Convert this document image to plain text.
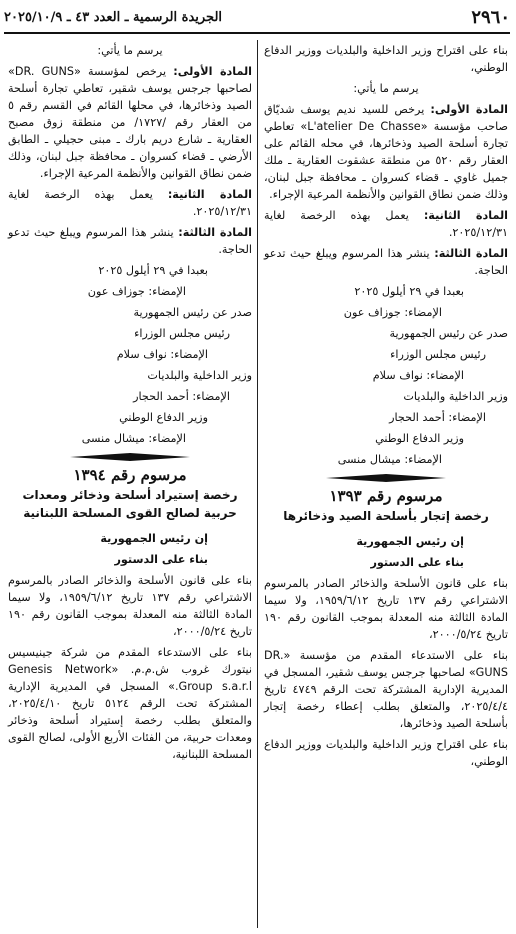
٢٩٦٠
الجريدة الرسمية ـ العدد ٤٣ ـ ٢٠٢٥/١٠/٩

بناء على اقتراح وزير الداخلية والبلديات ووزير الدفاع الوطني،

يرسم ما يأتي:

المادة الأولى: يرخص للسيد نديم يوسف شديّاق صاحب مؤسسة «L'atelier De Chasse» تعاطي تجارة أسلحة الصيد وذخائرها، في محله القائم على العقار رقم ٥٢٠ من منطقة عشقوت العقارية ـ ملك جميل غاوي ـ قضاء كسروان ـ محافظة جبل لبنان، وذلك ضمن نطاق القوانين والأنظمة المرعية الإجراء.

المادة الثانية: يعمل بهذه الرخصة لغاية ٢٠٢٥/١٢/٣١.

المادة الثالثة: ينشر هذا المرسوم ويبلغ حيث تدعو الحاجة.

بعبدا في ٢٩ أيلول ٢٠٢٥

الإمضاء: جوزاف عون

صدر عن رئيس الجمهورية

رئيس مجلس الوزراء

الإمضاء: نواف سلام

وزير الداخلية والبلديات

الإمضاء: أحمد الحجار

وزير الدفاع الوطني

الإمضاء: ميشال منسى

مرسوم رقم ١٣٩٣
رخصة إتجار بأسلحة الصيد وذخائرها

إن رئيس الجمهورية

بناء على الدستور

بناء على قانون الأسلحة والذخائر الصادر بالمرسوم الاشتراعي رقم ١٣٧ تاريخ ١٩٥٩/٦/١٢، ولا سيما المادة الثالثة منه المعدلة بموجب القانون رقم ١٩٠ تاريخ ٢٠٠٠/٥/٢٤،

بناء على الاستدعاء المقدم من مؤسسة «DR. GUNS» لصاحبها جرجس يوسف شقير، المسجل في المديرية الإدارية المشتركة تحت الرقم ٤٧٤٩ تاريخ ٢٠٢٥/٤/٤، والمتعلق بطلب إعطاء رخصة إتجار بأسلحة الصيد وذخائرها،

بناء على اقتراح وزير الداخلية والبلديات ووزير الدفاع الوطني،

يرسم ما يأتي:

المادة الأولى: يرخص لمؤسسة «DR. GUNS» لصاحبها جرجس يوسف شقير، تعاطي تجارة أسلحة الصيد وذخائرها، في محلها القائم في القسم رقم ٥ من العقار رقم /١٧٢٧/ من منطقة زوق مصبح العقارية ـ شارع دريم بارك ـ مبنى حجيلي ـ الطابق الأرضي ـ قضاء كسروان ـ محافظة جبل لبنان، وذلك ضمن نطاق القوانين والأنظمة المرعية الإجراء.

المادة الثانية: يعمل بهذه الرخصة لغاية ٢٠٢٥/١٢/٣١.

المادة الثالثة: ينشر هذا المرسوم ويبلغ حيث تدعو الحاجة.

بعبدا في ٢٩ أيلول ٢٠٢٥

الإمضاء: جوزاف عون

صدر عن رئيس الجمهورية

رئيس مجلس الوزراء

الإمضاء: نواف سلام

وزير الداخلية والبلديات

الإمضاء: أحمد الحجار

وزير الدفاع الوطني

الإمضاء: ميشال منسى

مرسوم رقم ١٣٩٤
رخصة إستيراد أسلحة وذخائر ومعدات حربية لصالح القوى المسلحة اللبنانية

إن رئيس الجمهورية

بناء على الدستور

بناء على قانون الأسلحة والذخائر الصادر بالمرسوم الاشتراعي رقم ١٣٧ تاريخ ١٩٥٩/٦/١٢، ولا سيما المادة الثالثة منه المعدلة بموجب القانون رقم ١٩٠ تاريخ ٢٠٠٠/٥/٢٤،

بناء على الاستدعاء المقدم من شركة جينيسيس نيتورك غروب ش.م.م. «Genesis Network Group s.a.r.l.» المسجل في المديرية الإدارية المشتركة تحت الرقم ٥١٢٤ تاريخ ٢٠٢٥/٤/١٠، والمتعلق بطلب رخصة إستيراد أسلحة وذخائر ومعدات حربية، من الفئات الأربع الأولى، لصالح القوى المسلحة اللبنانية،
